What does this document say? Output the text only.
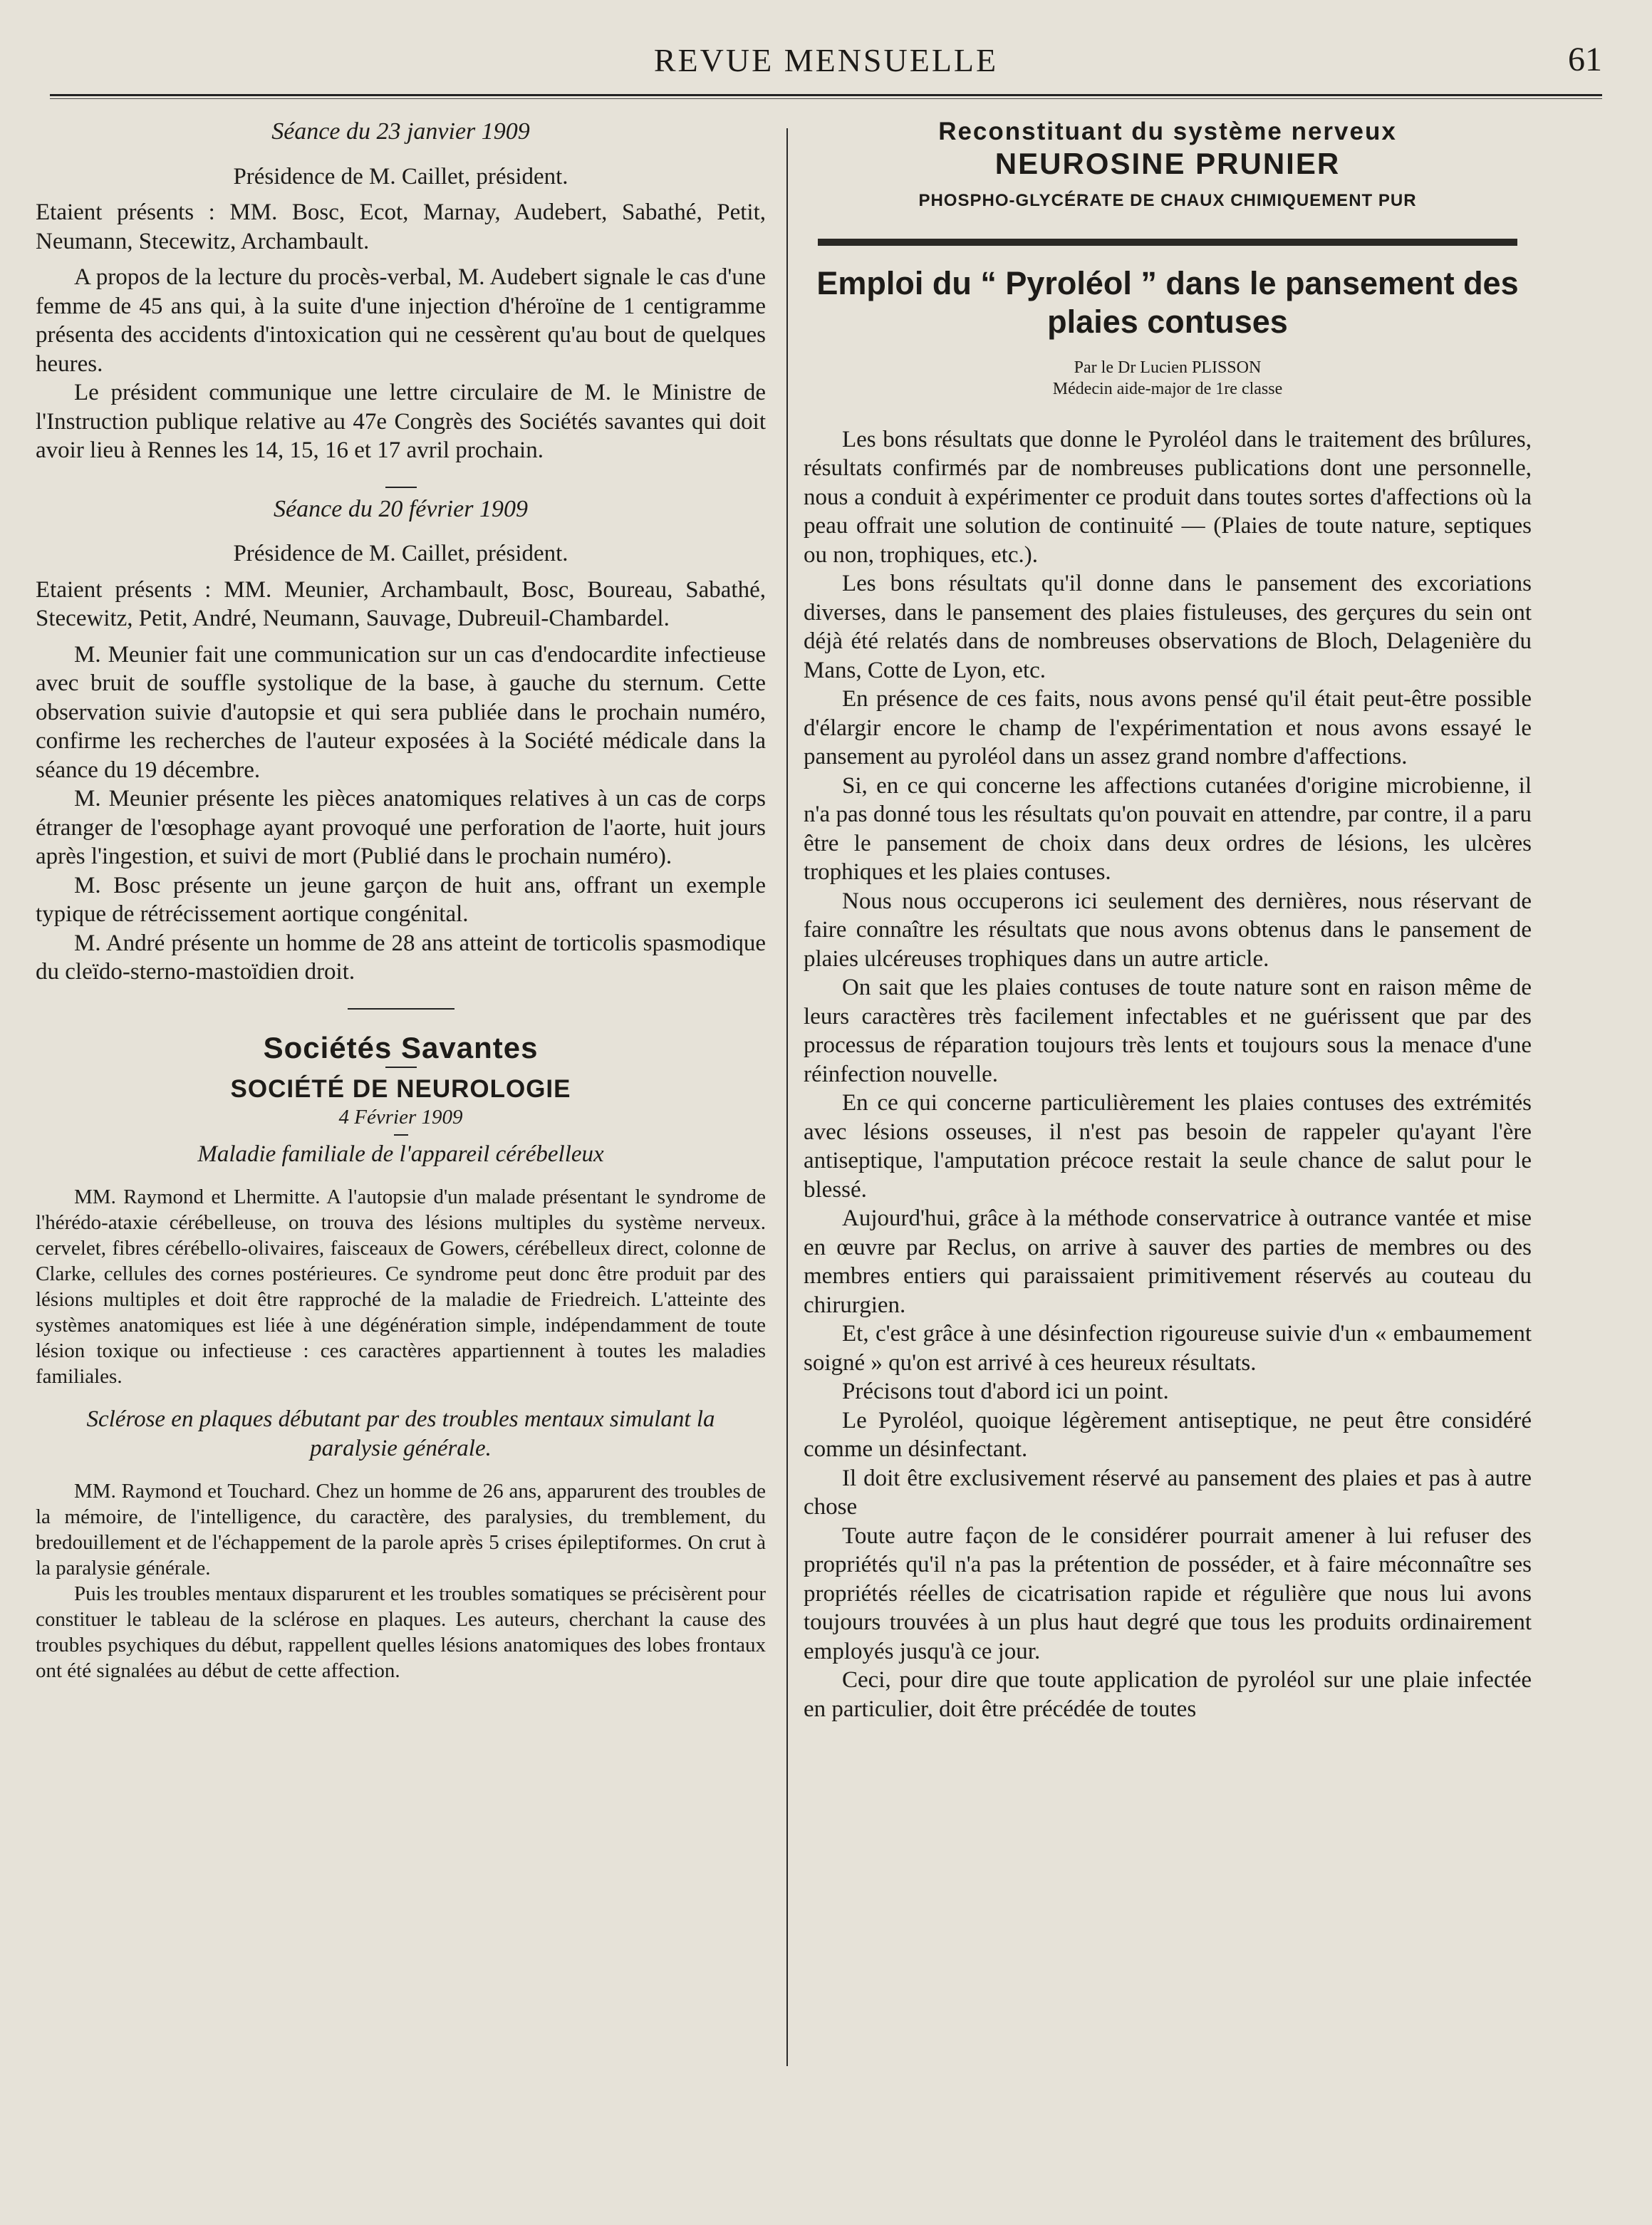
REVUE MENSUELLE	61

Séance du 23 janvier 1909

Présidence de M. Caillet, président.

Etaient présents : MM. Bosc, Ecot, Marnay, Audebert, Sabathé, Petit, Neumann, Stecewitz, Archambault.

A propos de la lecture du procès-verbal, M. Audebert signale le cas d'une femme de 45 ans qui, à la suite d'une injection d'héroïne de 1 centigramme présenta des accidents d'intoxication qui ne cessèrent qu'au bout de quelques heures.

Le président communique une lettre circulaire de M. le Ministre de l'Instruction publique relative au 47e Congrès des Sociétés savantes qui doit avoir lieu à Rennes les 14, 15, 16 et 17 avril prochain.

Séance du 20 février 1909

Présidence de M. Caillet, président.

Etaient présents : MM. Meunier, Archambault, Bosc, Boureau, Sabathé, Stecewitz, Petit, André, Neumann, Sauvage, Dubreuil-Chambardel.

M. Meunier fait une communication sur un cas d'endocardite infectieuse avec bruit de souffle systolique de la base, à gauche du sternum. Cette observation suivie d'autopsie et qui sera publiée dans le prochain numéro, confirme les recherches de l'auteur exposées à la Société médicale dans la séance du 19 décembre.

M. Meunier présente les pièces anatomiques relatives à un cas de corps étranger de l'œsophage ayant provoqué une perforation de l'aorte, huit jours après l'ingestion, et suivi de mort (Publié dans le prochain numéro).

M. Bosc présente un jeune garçon de huit ans, offrant un exemple typique de rétrécissement aortique congénital.

M. André présente un homme de 28 ans atteint de torticolis spasmodique du cleïdo-sterno-mastoïdien droit.

Sociétés Savantes

SOCIÉTÉ DE NEUROLOGIE

4 Février 1909

Maladie familiale de l'appareil cérébelleux

MM. Raymond et Lhermitte. A l'autopsie d'un malade présentant le syndrome de l'hérédo-ataxie cérébelleuse, on trouva des lésions multiples du système nerveux. cervelet, fibres cérébello-olivaires, faisceaux de Gowers, cérébelleux direct, colonne de Clarke, cellules des cornes postérieures. Ce syndrome peut donc être produit par des lésions multiples et doit être rapproché de la maladie de Friedreich. L'atteinte des systèmes anatomiques est liée à une dégénération simple, indépendamment de toute lésion toxique ou infectieuse : ces caractères appartiennent à toutes les maladies familiales.

Sclérose en plaques débutant par des troubles mentaux simulant la paralysie générale.

MM. Raymond et Touchard. Chez un homme de 26 ans, apparurent des troubles de la mémoire, de l'intelligence, du caractère, des paralysies, du tremblement, du bredouillement et de l'échappement de la parole après 5 crises épileptiformes. On crut à la paralysie générale.

Puis les troubles mentaux disparurent et les troubles somatiques se précisèrent pour constituer le tableau de la sclérose en plaques. Les auteurs, cherchant la cause des troubles psychiques du début, rappellent quelles lésions anatomiques des lobes frontaux ont été signalées au début de cette affection.

Reconstituant du système nerveux

NEUROSINE PRUNIER

PHOSPHO-GLYCÉRATE DE CHAUX CHIMIQUEMENT PUR

Emploi du “ Pyroléol ” dans le pansement des plaies contuses

Par le Dr Lucien PLISSON

Médecin aide-major de 1re classe

Les bons résultats que donne le Pyroléol dans le traitement des brûlures, résultats confirmés par de nombreuses publications dont une personnelle, nous a conduit à expérimenter ce produit dans toutes sortes d'affections où la peau offrait une solution de continuité — (Plaies de toute nature, septiques ou non, trophiques, etc.).

Les bons résultats qu'il donne dans le pansement des excoriations diverses, dans le pansement des plaies fistuleuses, des gerçures du sein ont déjà été relatés dans de nombreuses observations de Bloch, Delagenière du Mans, Cotte de Lyon, etc.

En présence de ces faits, nous avons pensé qu'il était peut-être possible d'élargir encore le champ de l'expérimentation et nous avons essayé le pansement au pyroléol dans un assez grand nombre d'affections.

Si, en ce qui concerne les affections cutanées d'origine microbienne, il n'a pas donné tous les résultats qu'on pouvait en attendre, par contre, il a paru être le pansement de choix dans deux ordres de lésions, les ulcères trophiques et les plaies contuses.

Nous nous occuperons ici seulement des dernières, nous réservant de faire connaître les résultats que nous avons obtenus dans le pansement de plaies ulcéreuses trophiques dans un autre article.

On sait que les plaies contuses de toute nature sont en raison même de leurs caractères très facilement infectables et ne guérissent que par des processus de réparation toujours très lents et toujours sous la menace d'une réinfection nouvelle.

En ce qui concerne particulièrement les plaies contuses des extrémités avec lésions osseuses, il n'est pas besoin de rappeler qu'ayant l'ère antiseptique, l'amputation précoce restait la seule chance de salut pour le blessé.

Aujourd'hui, grâce à la méthode conservatrice à outrance vantée et mise en œuvre par Reclus, on arrive à sauver des parties de membres ou des membres entiers qui paraissaient primitivement réservés au couteau du chirurgien.

Et, c'est grâce à une désinfection rigoureuse suivie d'un « embaumement soigné » qu'on est arrivé à ces heureux résultats.

Précisons tout d'abord ici un point.

Le Pyroléol, quoique légèrement antiseptique, ne peut être considéré comme un désinfectant.

Il doit être exclusivement réservé au pansement des plaies et pas à autre chose

Toute autre façon de le considérer pourrait amener à lui refuser des propriétés qu'il n'a pas la prétention de posséder, et à faire méconnaître ses propriétés réelles de cicatrisation rapide et régulière que nous lui avons toujours trouvées à un plus haut degré que tous les produits ordinairement employés jusqu'à ce jour.

Ceci, pour dire que toute application de pyroléol sur une plaie infectée en particulier, doit être précédée de toutes
